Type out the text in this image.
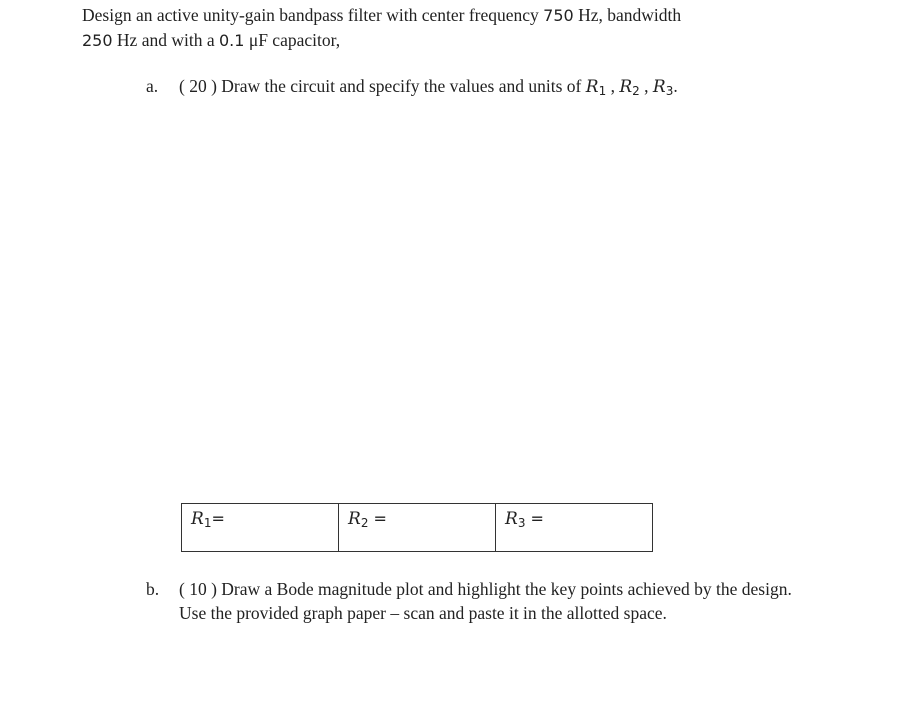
Design an active unity-gain bandpass filter with center frequency 750 Hz, bandwidth
250 Hz and with a 0.1 μF capacitor,
a. ( 20 ) Draw the circuit and specify the values and units of $R_1$ , $R_2$ , $R_3$.
$R_1=$	$R_2$ =	$R_3$ =
b. ( 10 ) Draw a Bode magnitude plot and highlight the key points achieved by the design. Use the provided graph paper – scan and paste it in the allotted space.
